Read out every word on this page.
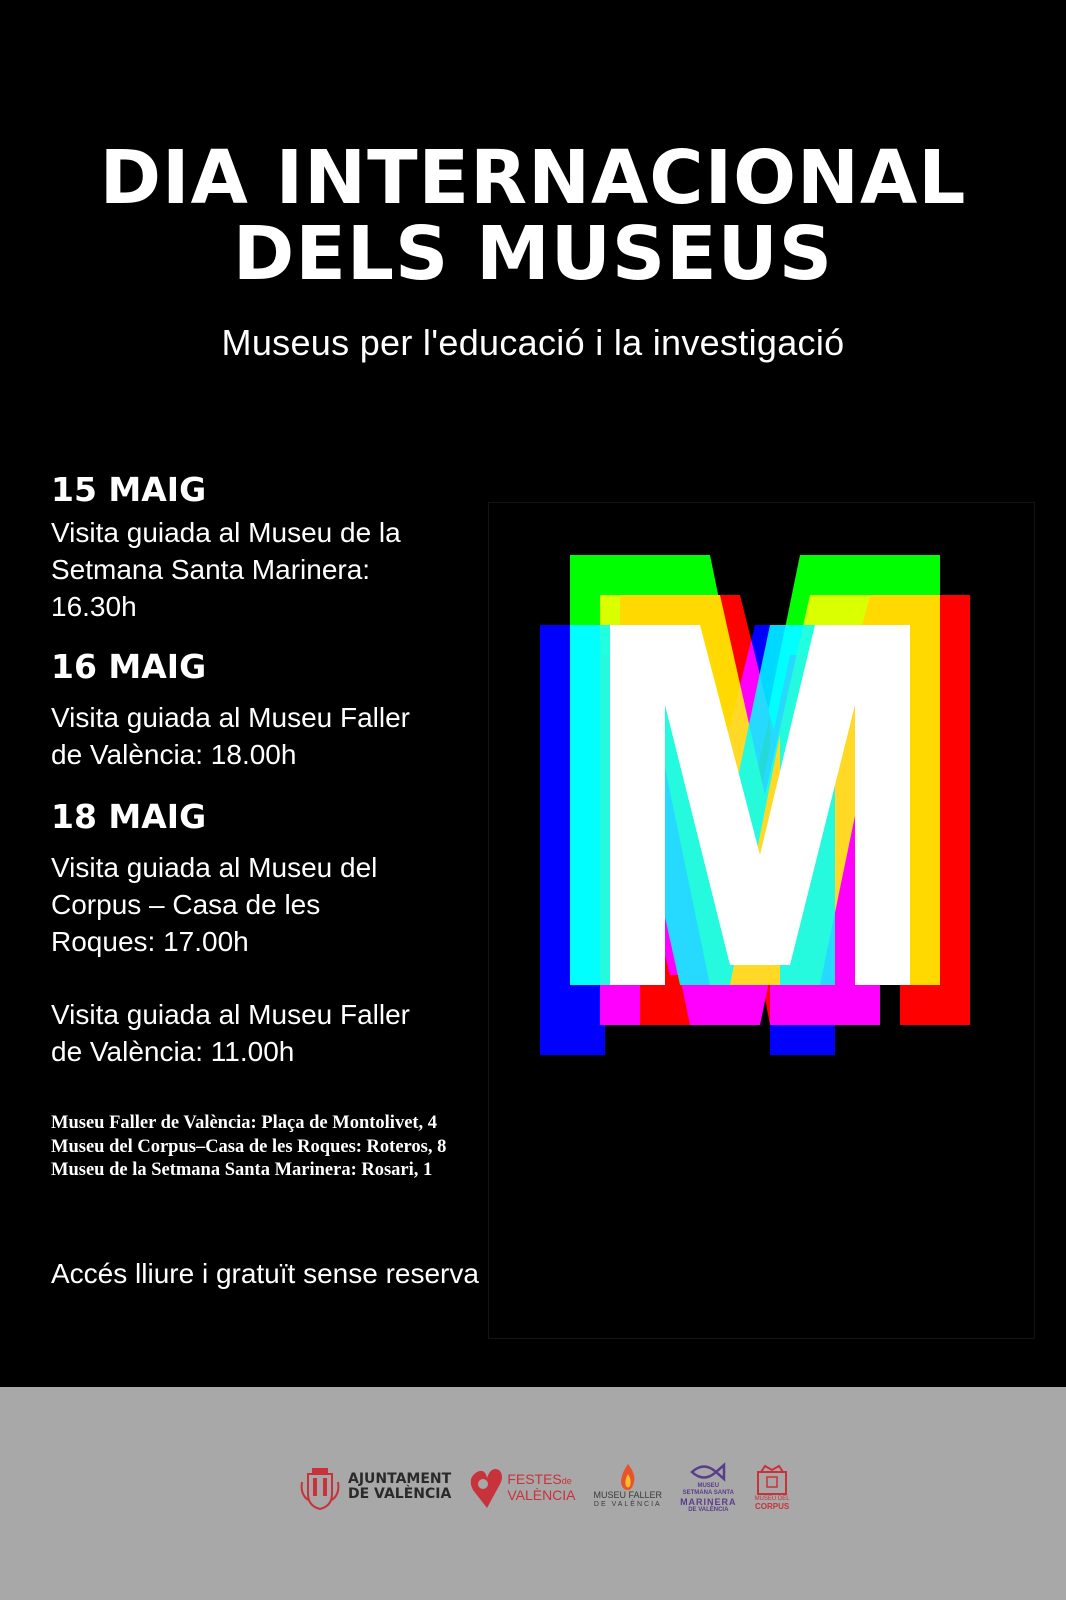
DIA INTERNACIONAL
DELS MUSEUS
Museus per l'educació i la investigació
15 MAIG
Visita guiada al Museu de la Setmana Santa Marinera: 16.30h
16 MAIG
Visita guiada al Museu Faller de València: 18.00h
18 MAIG
Visita guiada al Museu del Corpus – Casa de les Roques: 17.00h
Visita guiada al Museu Faller de València: 11.00h
Museu Faller de València: Plaça de Montolivet, 4
Museu del Corpus–Casa de les Roques: Roteros, 8
Museu de la Setmana Santa Marinera: Rosari, 1
Accés lliure i gratuït sense reserva
M
AJUNTAMENT
DE VALÈNCIA
FESTESde
VALÈNCIA MUSEU FALLER
DE VALÈNCIA
MUSEU
SETMANA SANTA
MARINERA
DE VALÈNCIA
MUSEU DEL
CORPUS
